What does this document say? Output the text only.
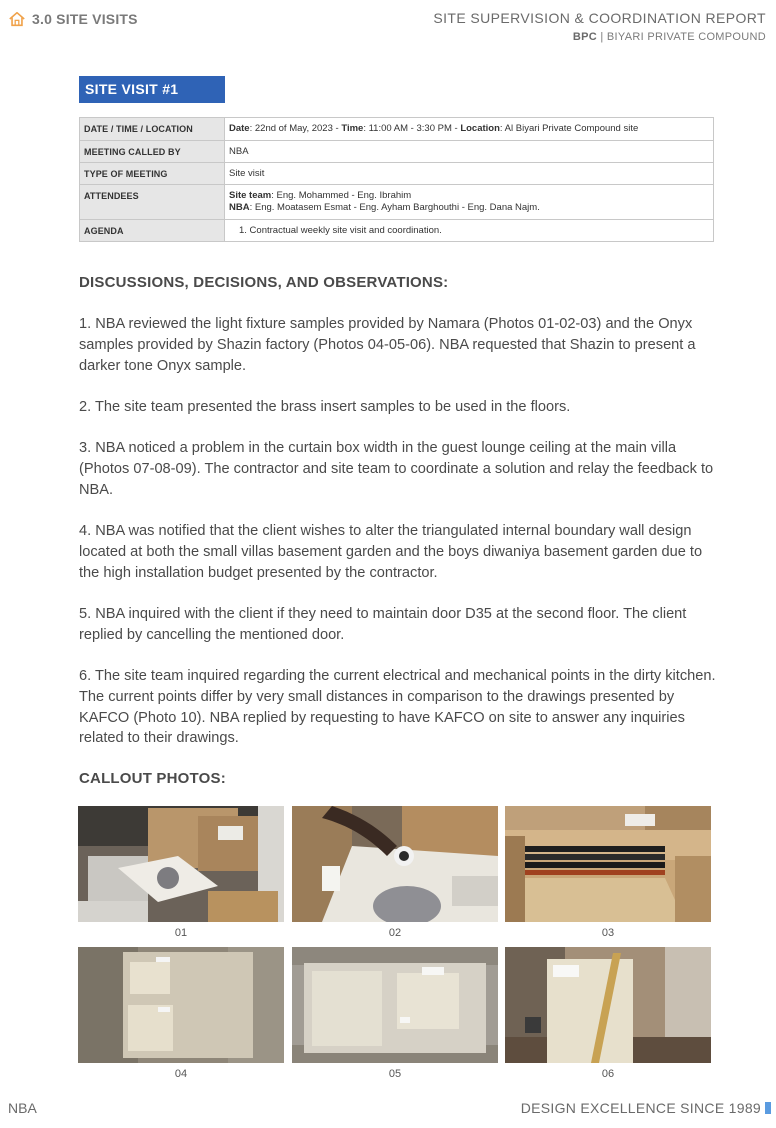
3.0 SITE VISITS	SITE SUPERVISION & COORDINATION REPORT
BPC | BIYARI PRIVATE COMPOUND
SITE VISIT #1
DATE / TIME / LOCATION	Date: 22nd of May, 2023 - Time: 11:00 AM - 3:30 PM - Location: Al Biyari Private Compound site
MEETING CALLED BY	NBA
TYPE OF MEETING	Site visit
ATTENDEES	Site team: Eng. Mohammed - Eng. Ibrahim
NBA: Eng. Moatasem Esmat - Eng. Ayham Barghouthi - Eng. Dana Najm.

AGENDA	1. Contractual weekly site visit and coordination.
DISCUSSIONS, DECISIONS, AND OBSERVATIONS:

1. NBA reviewed the light fixture samples provided by Namara (Photos 01-02-03) and the Onyx samples provided by Shazin factory (Photos 04-05-06). NBA requested that Shazin to present a darker tone Onyx sample.

2. The site team presented the brass insert samples to be used in the floors.

3. NBA noticed a problem in the curtain box width in the guest lounge ceiling at the main villa (Photos 07-08-09). The contractor and site team to coordinate a solution and relay the feedback to NBA.

4. NBA was notified that the client wishes to alter the triangulated internal boundary wall design located at both the small villas basement garden and the boys diwaniya basement garden due to the high installation budget presented by the contractor.

5. NBA inquired with the client if they need to maintain door D35 at the second floor. The client replied by cancelling the mentioned door.

6. The site team inquired regarding the current electrical and mechanical points in the dirty kitchen. The current points differ by very small distances in comparison to the drawings presented by KAFCO (Photo 10). NBA replied by requesting to have KAFCO on site to answer any inquiries related to their drawings.

CALLOUT PHOTOS:
01	02	03
04	05	06
NBA	DESIGN EXCELLENCE SINCE 1989
